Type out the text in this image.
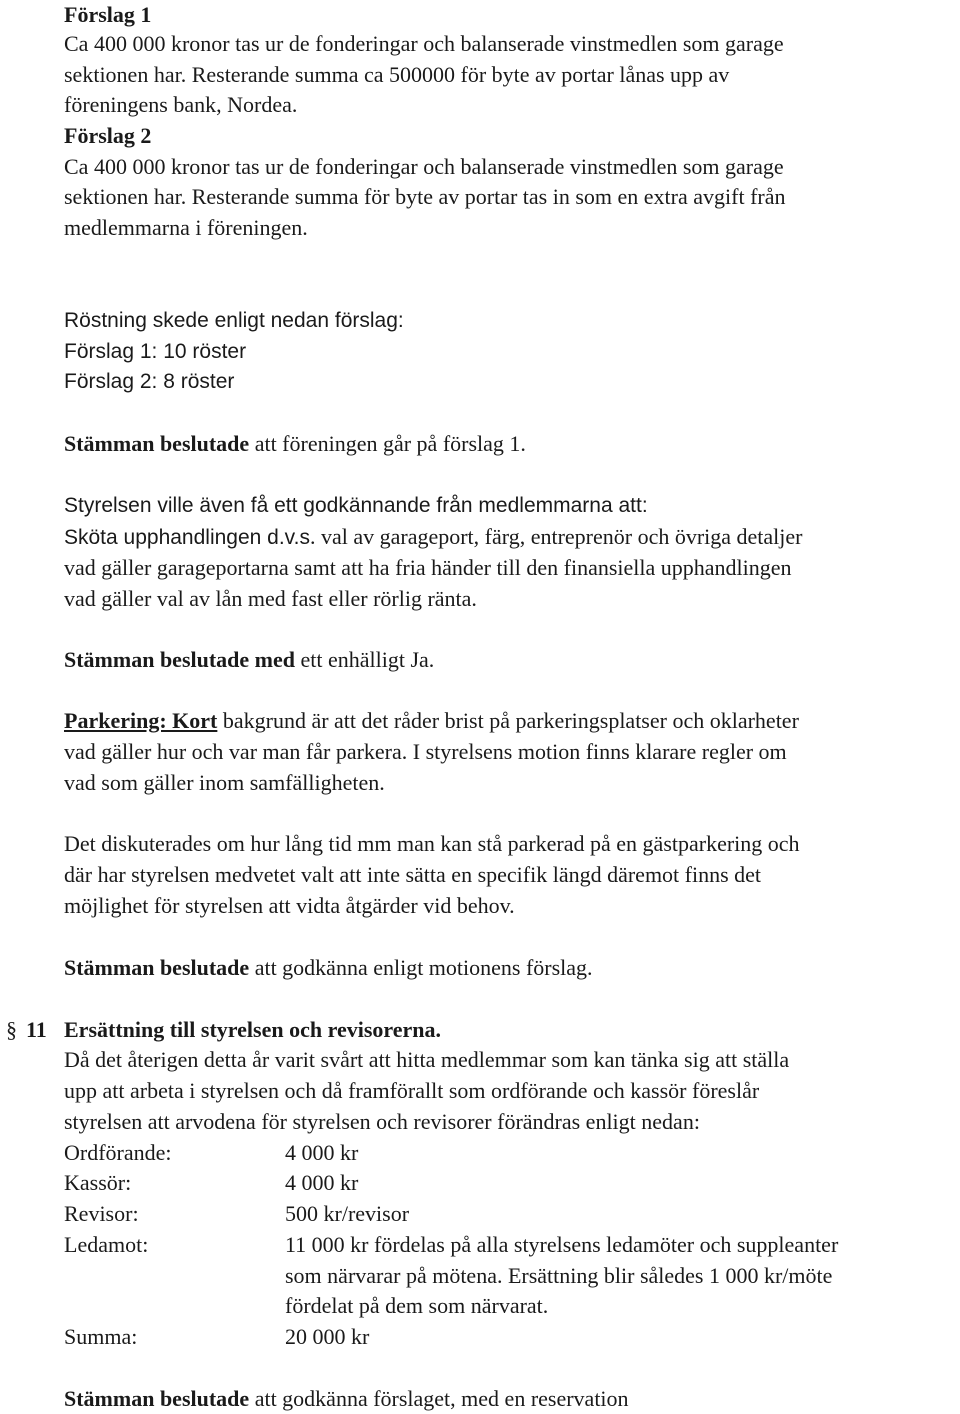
Förslag 1
Ca 400 000 kronor tas ur de fonderingar och balanserade vinstmedlen som garage
sektionen har. Resterande summa ca 500000 för byte av portar lånas upp av
föreningens bank, Nordea.
Förslag 2
Ca 400 000 kronor tas ur de fonderingar och balanserade vinstmedlen som garage
sektionen har. Resterande summa för byte av portar tas in som en extra avgift från
medlemmarna i föreningen.
Röstning skede enligt nedan förslag:
Förslag 1: 10 röster
Förslag 2: 8 röster
Stämman beslutade att föreningen går på förslag 1.
Styrelsen ville även få ett godkännande från medlemmarna att:
Sköta upphandlingen d.v.s. val av garageport, färg, entreprenör och övriga detaljer
vad gäller garageportarna samt att ha fria händer till den finansiella upphandlingen
vad gäller val av lån med fast eller rörlig ränta.
Stämman beslutade med ett enhälligt Ja.
Parkering: Kort bakgrund är att det råder brist på parkeringsplatser och oklarheter
vad gäller hur och var man får parkera. I styrelsens motion finns klarare regler om
vad som gäller inom samfälligheten.
Det diskuterades om hur lång tid mm man kan stå parkerad på en gästparkering och
där har styrelsen medvetet valt att inte sätta en specifik längd däremot finns det
möjlighet för styrelsen att vidta åtgärder vid behov.
Stämman beslutade att godkänna enligt motionens förslag.
§ 11 Ersättning till styrelsen och revisorerna.
Då det återigen detta år varit svårt att hitta medlemmar som kan tänka sig att ställa
upp att arbeta i styrelsen och då framförallt som ordförande och kassör föreslår
styrelsen att arvodena för styrelsen och revisorer förändras enligt nedan:
Ordförande:	4 000 kr
Kassör:	4 000 kr
Revisor:	500 kr/revisor
Ledamot:	11 000 kr fördelas på alla styrelsens ledamöter och suppleanter
som närvarar på mötena. Ersättning blir således 1 000 kr/möte
fördelat på dem som närvarat.
Summa:	20 000 kr
Stämman beslutade att godkänna förslaget, med en reservation
